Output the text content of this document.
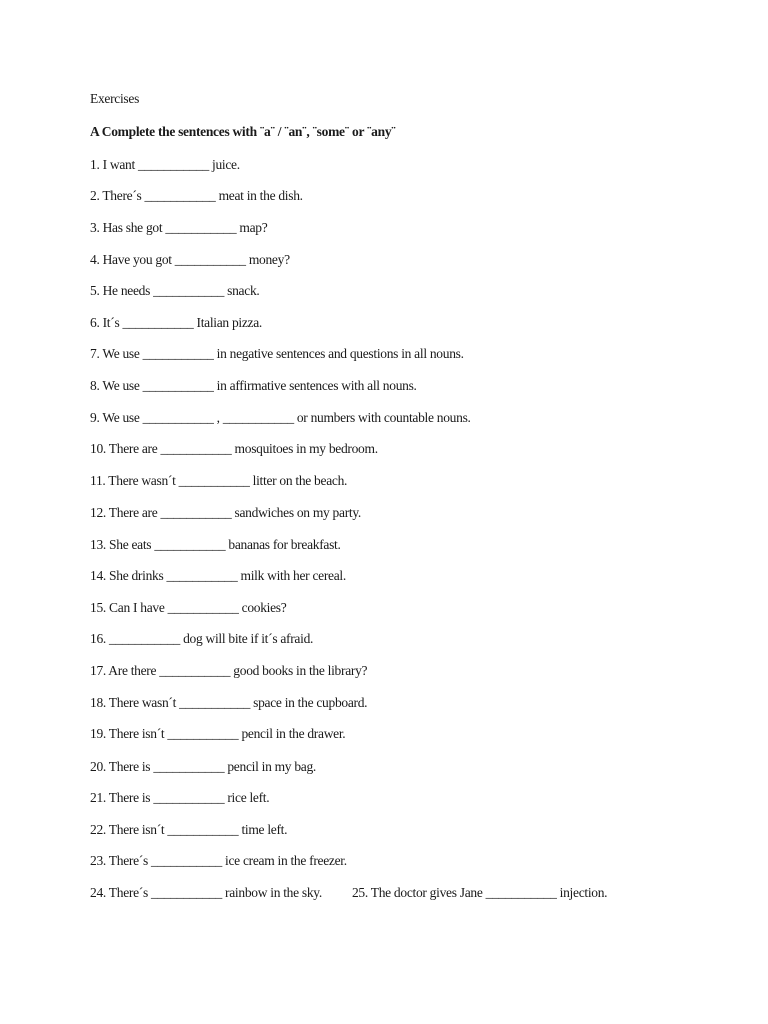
Exercises
A Complete the sentences with ¨a¨ / ¨an¨, ¨some¨ or ¨any¨
1. I want ___________ juice.
2. There´s ___________ meat in the dish.
3. Has she got ___________ map?
4. Have you got ___________ money?
5. He needs ___________ snack.
6. It´s ___________ Italian pizza.
7. We use ___________ in negative sentences and questions in all nouns.
8. We use ___________ in affirmative sentences with all nouns.
9. We use ___________ , ___________ or numbers with countable nouns.
10. There are ___________ mosquitoes in my bedroom.
11. There wasn´t ___________ litter on the beach.
12. There are ___________ sandwiches on my party.
13. She eats ___________ bananas for breakfast.
14. She drinks ___________ milk with her cereal.
15. Can I have ___________ cookies?
16. ___________ dog will bite if it´s afraid.
17. Are there ___________ good books in the library?
18. There wasn´t ___________ space in the cupboard.
19. There isn´t ___________ pencil in the drawer.
20. There is ___________ pencil in my bag.
21. There is ___________ rice left.
22. There isn´t ___________ time left.
23. There´s ___________ ice cream in the freezer.
24. There´s ___________ rainbow in the sky. 25. The doctor gives Jane ___________ injection.
